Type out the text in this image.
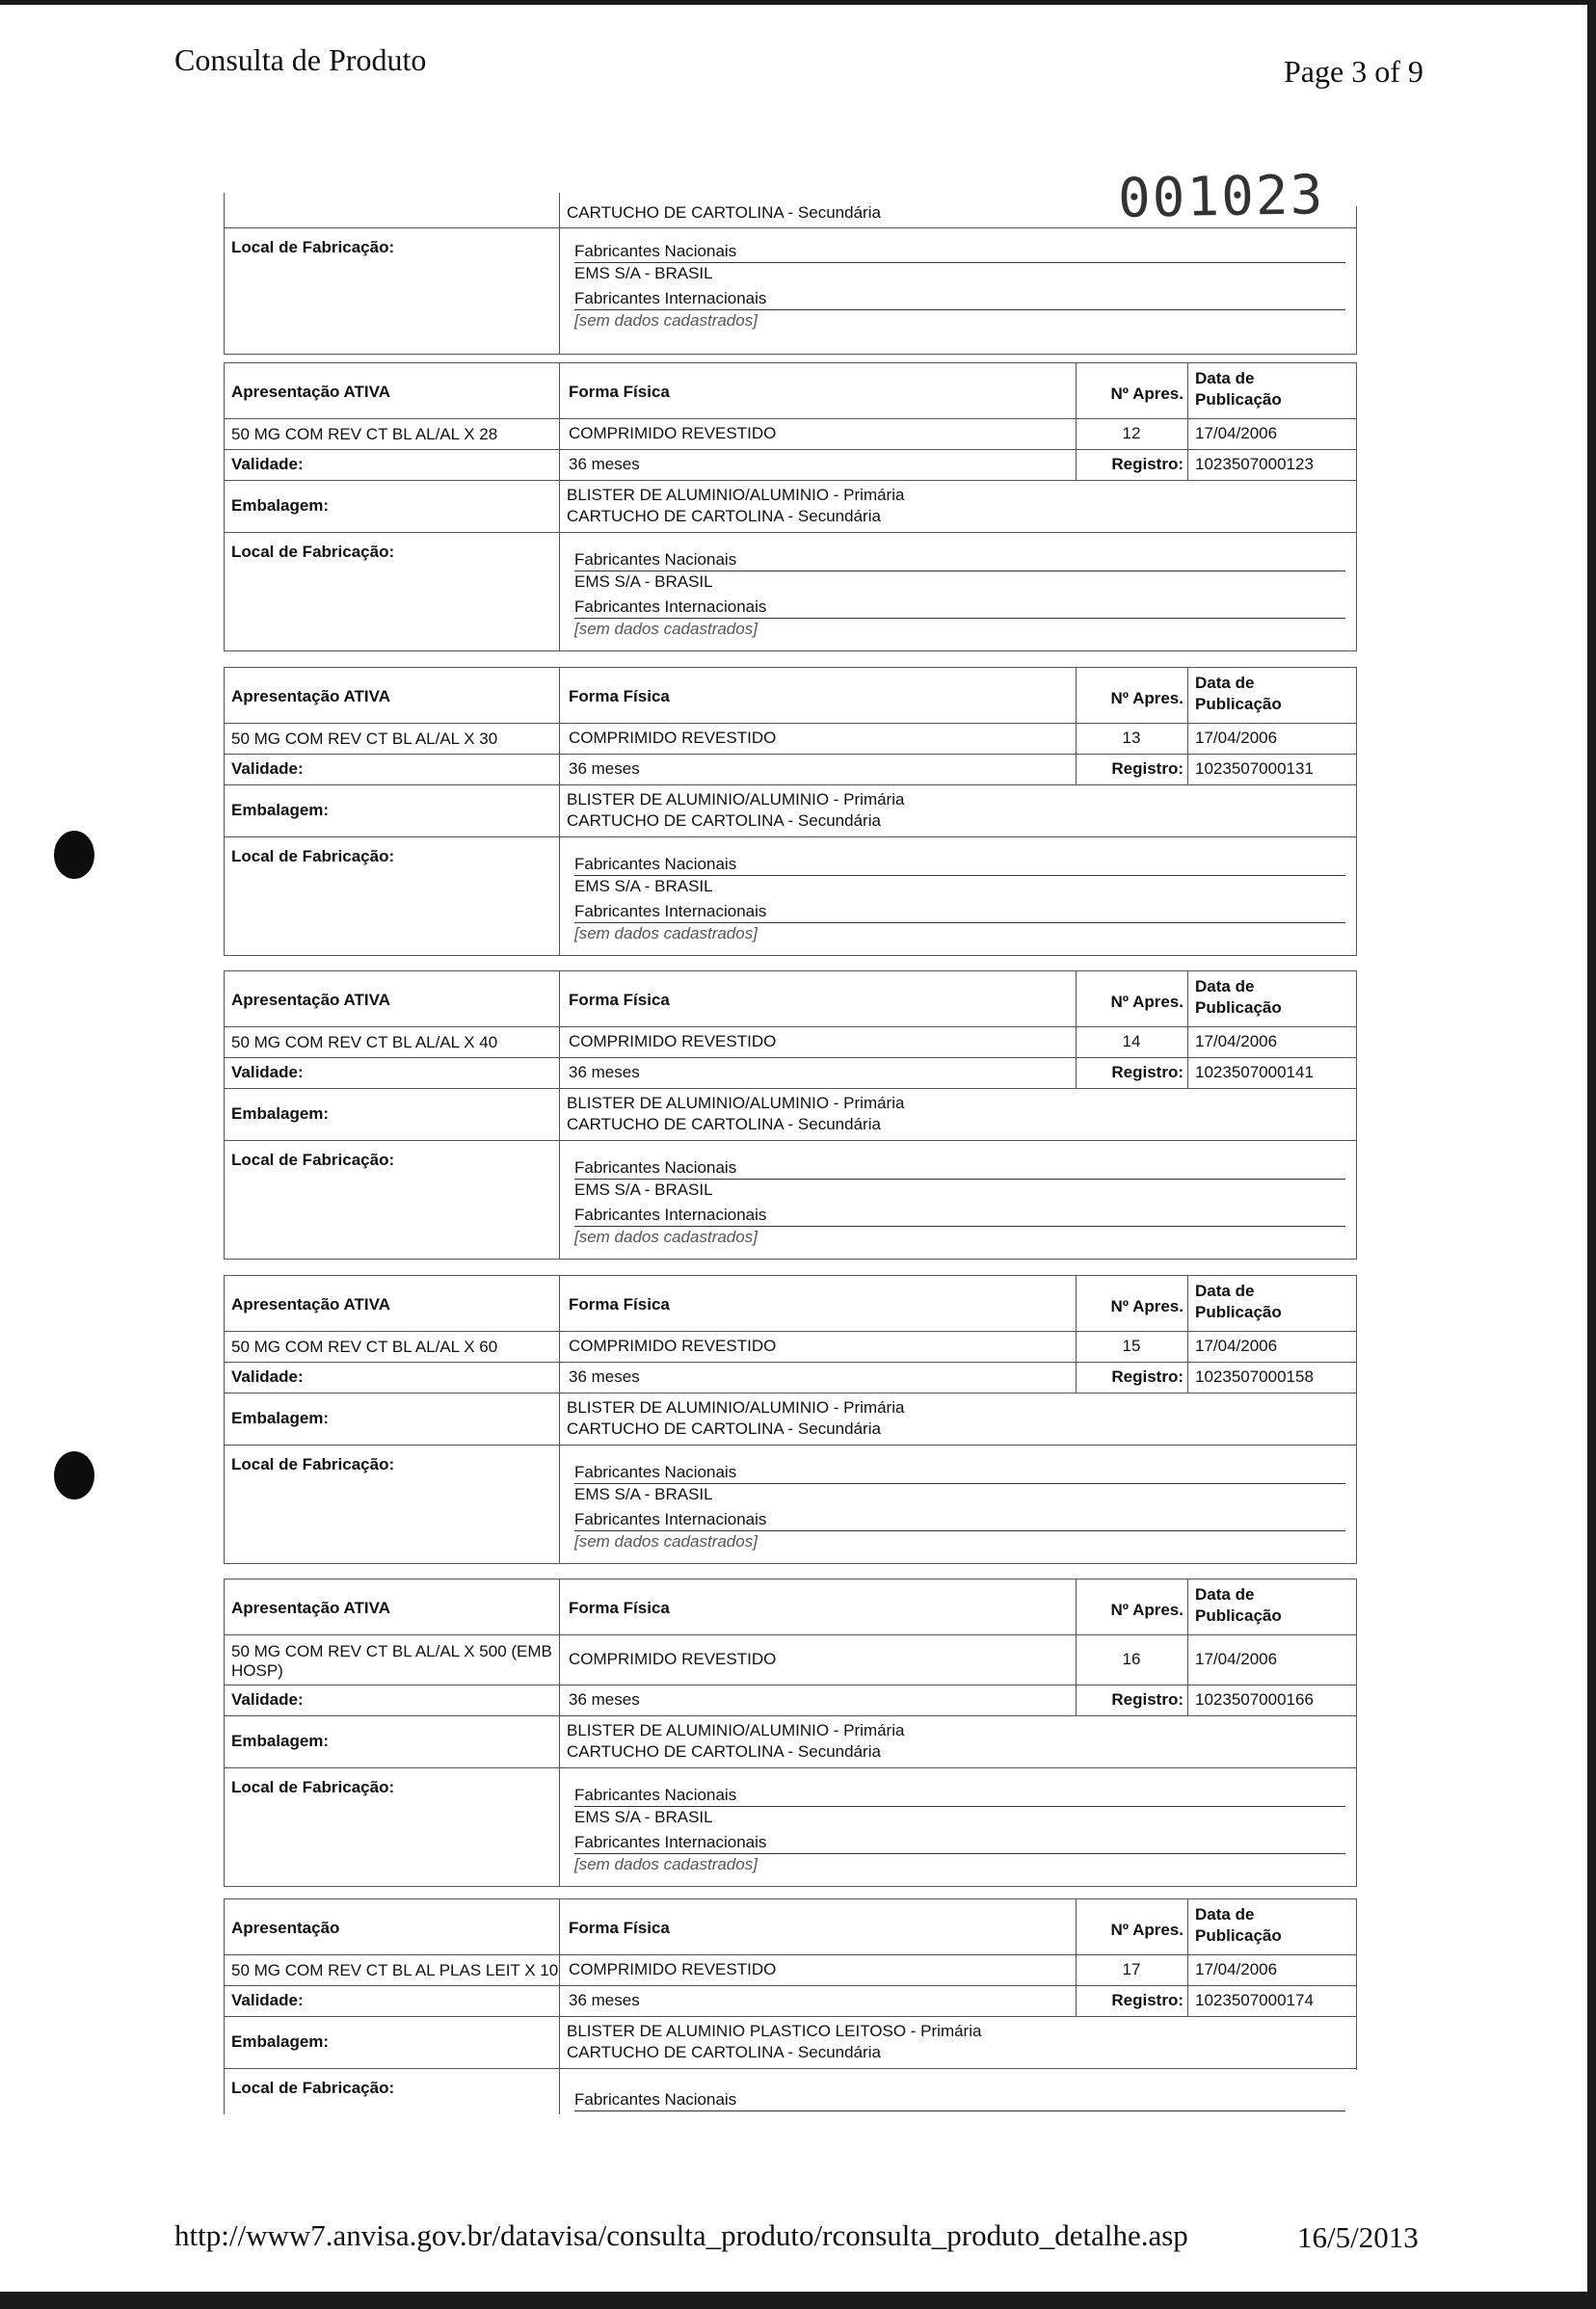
Consulta de Produto	Page 3 of 9
001023
CARTUCHO DE CARTOLINA - Secundária
Local de Fabricação:	Fabricantes Nacionais
EMS S/A - BRASIL
Fabricantes Internacionais
[sem dados cadastrados]
Apresentação ATIVA	Forma Física	Nº Apres.
Data de
Publicação
50 MG COM REV CT BL AL/AL X 28	COMPRIMIDO REVESTIDO	12	17/04/2006
Validade:	36 meses	Registro: 1023507000123
Embalagem:
BLISTER DE ALUMINIO/ALUMINIO - Primária
CARTUCHO DE CARTOLINA - Secundária
Local de Fabricação:	Fabricantes Nacionais
EMS S/A - BRASIL
Fabricantes Internacionais
[sem dados cadastrados]
Apresentação ATIVA	Forma Física	Nº Apres.
Data de
Publicação
50 MG COM REV CT BL AL/AL X 30	COMPRIMIDO REVESTIDO	13	17/04/2006
Validade:	36 meses	Registro: 1023507000131
Embalagem:
BLISTER DE ALUMINIO/ALUMINIO - Primária
CARTUCHO DE CARTOLINA - Secundária
Local de Fabricação:	Fabricantes Nacionais
EMS S/A - BRASIL
Fabricantes Internacionais
[sem dados cadastrados]
Apresentação ATIVA	Forma Física	Nº Apres.
Data de
Publicação
50 MG COM REV CT BL AL/AL X 40	COMPRIMIDO REVESTIDO	14	17/04/2006
Validade:	36 meses	Registro: 1023507000141
Embalagem:
BLISTER DE ALUMINIO/ALUMINIO - Primária
CARTUCHO DE CARTOLINA - Secundária
Local de Fabricação:	Fabricantes Nacionais
EMS S/A - BRASIL
Fabricantes Internacionais
[sem dados cadastrados]
Apresentação ATIVA	Forma Física	Nº Apres.
Data de
Publicação
50 MG COM REV CT BL AL/AL X 60	COMPRIMIDO REVESTIDO	15	17/04/2006
Validade:	36 meses	Registro: 1023507000158
Embalagem:
BLISTER DE ALUMINIO/ALUMINIO - Primária
CARTUCHO DE CARTOLINA - Secundária
Local de Fabricação:	Fabricantes Nacionais
EMS S/A - BRASIL
Fabricantes Internacionais
[sem dados cadastrados]
Apresentação ATIVA	Forma Física	Nº Apres.
Data de
Publicação
50 MG COM REV CT BL AL/AL X 500 (EMB
HOSP)
COMPRIMIDO REVESTIDO	16	17/04/2006
Validade:	36 meses	Registro: 1023507000166
Embalagem:
BLISTER DE ALUMINIO/ALUMINIO - Primária
CARTUCHO DE CARTOLINA - Secundária
Local de Fabricação:	Fabricantes Nacionais
EMS S/A - BRASIL
Fabricantes Internacionais
[sem dados cadastrados]
Apresentação	Forma Física	Nº Apres.
Data de
Publicação
50 MG COM REV CT BL AL PLAS LEIT X 10 COMPRIMIDO REVESTIDO	17	17/04/2006
Validade:	36 meses	Registro: 1023507000174
Embalagem:
BLISTER DE ALUMINIO PLASTICO LEITOSO - Primária
CARTUCHO DE CARTOLINA - Secundária
Local de Fabricação:
Fabricantes Nacionais
http://www7.anvisa.gov.br/datavisa/consulta_produto/rconsulta_produto_detalhe.asp	16/5/2013
